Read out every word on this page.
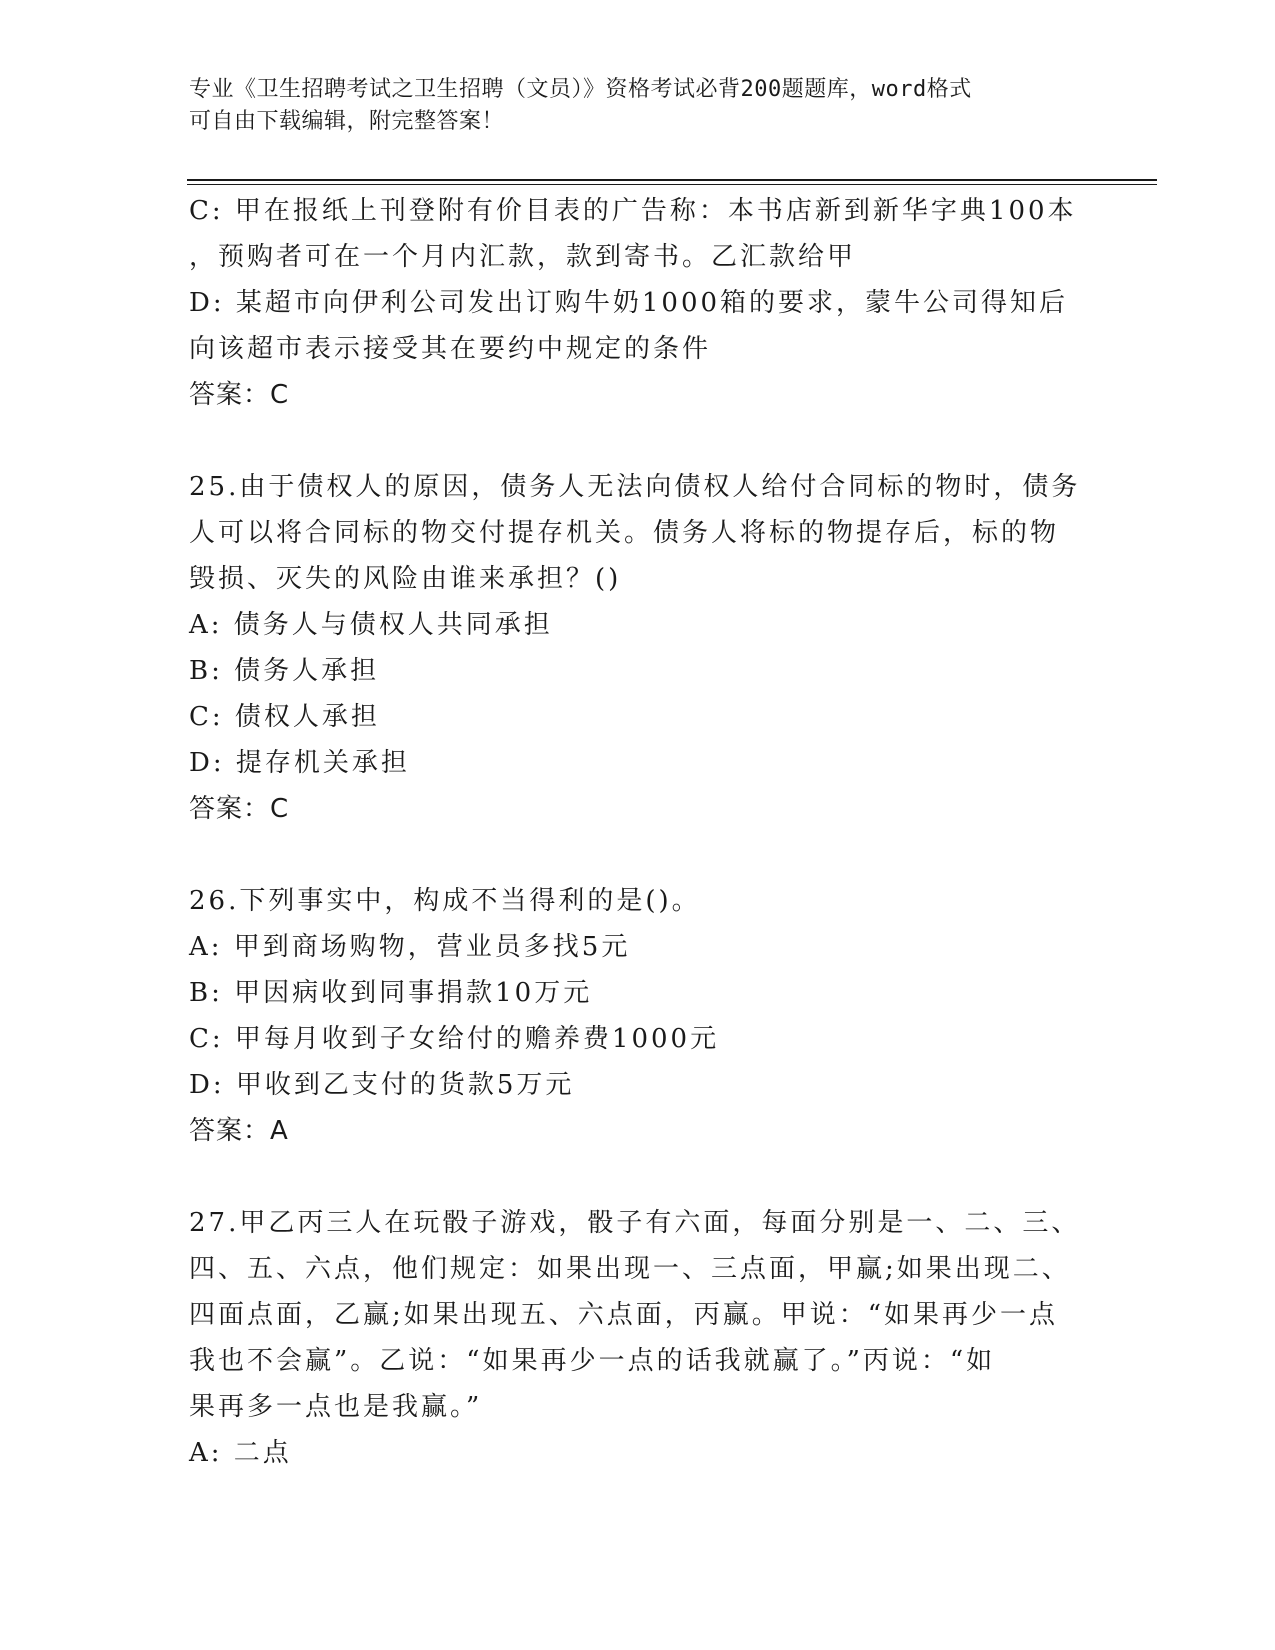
专业《卫生招聘考试之卫生招聘（文员）》资格考试必背200题题库，word格式
可自由下载编辑，附完整答案！
C: 甲在报纸上刊登附有价目表的广告称：本书店新到新华字典100本
，预购者可在一个月内汇款，款到寄书。乙汇款给甲
D: 某超市向伊利公司发出订购牛奶1000箱的要求，蒙牛公司得知后
向该超市表示接受其在要约中规定的条件
答案：C
25.由于债权人的原因，债务人无法向债权人给付合同标的物时，债务
人可以将合同标的物交付提存机关。债务人将标的物提存后，标的物
毁损、灭失的风险由谁来承担？()
A: 债务人与债权人共同承担
B: 债务人承担
C: 债权人承担
D: 提存机关承担
答案：C
26.下列事实中，构成不当得利的是()。
A: 甲到商场购物，营业员多找5元
B: 甲因病收到同事捐款10万元
C: 甲每月收到子女给付的赡养费1000元
D: 甲收到乙支付的货款5万元
答案：A
27.甲乙丙三人在玩骰子游戏，骰子有六面，每面分别是一、二、三、
四、五、六点，他们规定：如果出现一、三点面，甲赢;如果出现二、
四面点面，乙赢;如果出现五、六点面，丙赢。甲说：“如果再少一点
我也不会赢”。乙说：“如果再少一点的话我就赢了。”丙说：“如
果再多一点也是我赢。”
A: 二点
